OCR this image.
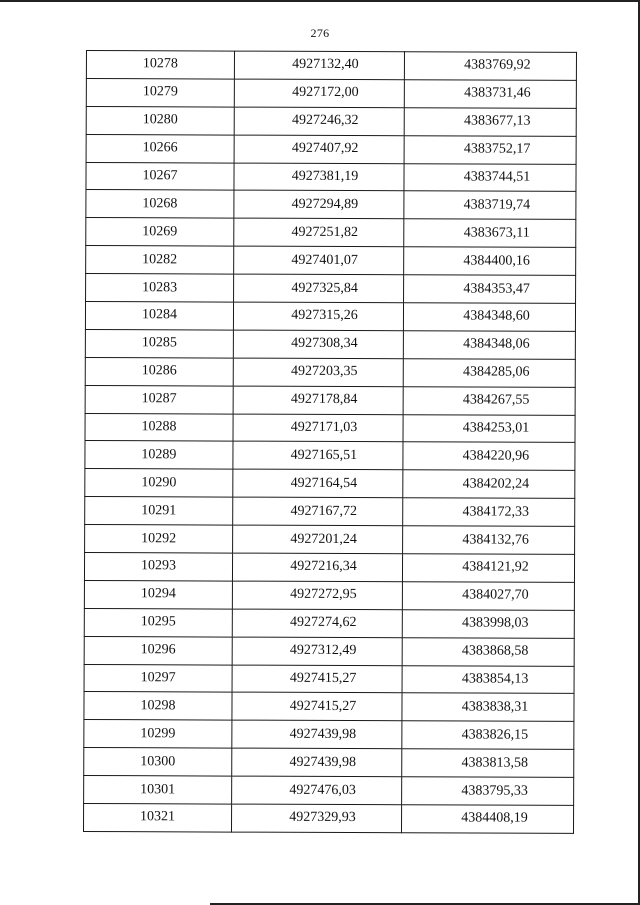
276
10278	4927132,40	4383769,92
10279	4927172,00	4383731,46
10280	4927246,32	4383677,13
10266	4927407,92	4383752,17
10267	4927381,19	4383744,51
10268	4927294,89	4383719,74
10269	4927251,82	4383673,11
10282	4927401,07	4384400,16
10283	4927325,84	4384353,47
10284	4927315,26	4384348,60
10285	4927308,34	4384348,06
10286	4927203,35	4384285,06
10287	4927178,84	4384267,55
10288	4927171,03	4384253,01
10289	4927165,51	4384220,96
10290	4927164,54	4384202,24
10291	4927167,72	4384172,33
10292	4927201,24	4384132,76
10293	4927216,34	4384121,92
10294	4927272,95	4384027,70
10295	4927274,62	4383998,03
10296	4927312,49	4383868,58
10297	4927415,27	4383854,13
10298	4927415,27	4383838,31
10299	4927439,98	4383826,15
10300	4927439,98	4383813,58
10301	4927476,03	4383795,33
10321	4927329,93	4384408,19
